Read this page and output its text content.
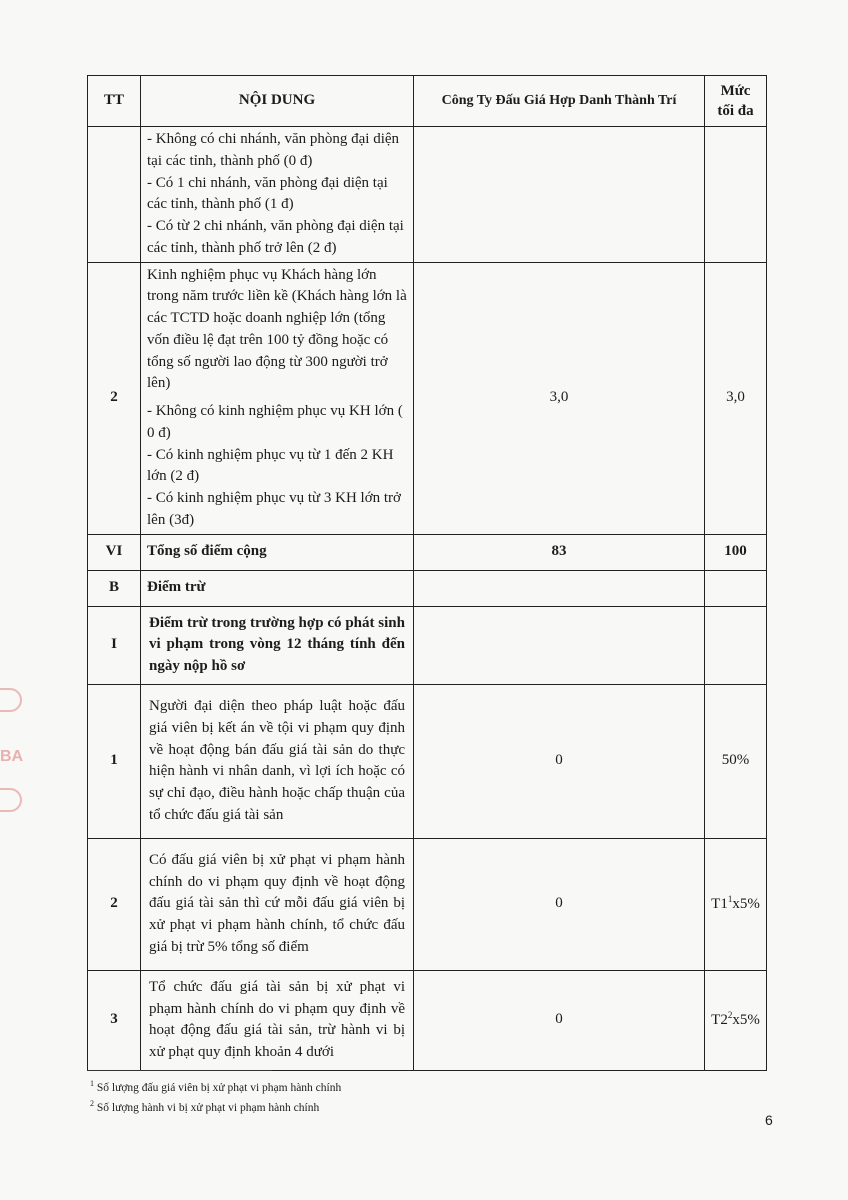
BA
TT	NỘI DUNG	Công Ty Đấu Giá Hợp Danh Thành Trí	Mức tối đa

	- Không có chi nhánh, văn phòng đại diện tại các tỉnh, thành phố (0 đ)

- Có 1 chi nhánh, văn phòng đại diện tại các tỉnh, thành phố (1 đ)

- Có từ 2 chi nhánh, văn phòng đại diện tại các tỉnh, thành phố trở lên (2 đ)		

2	Kinh nghiệm phục vụ Khách hàng lớn trong năm trước liền kề (Khách hàng lớn là các TCTD hoặc doanh nghiệp lớn (tổng vốn điều lệ đạt trên 100 tỷ đồng hoặc có tổng số người lao động từ 300 người trở lên)

- Không có kinh nghiệm phục vụ KH lớn ( 0 đ)

- Có kinh nghiệm phục vụ từ 1 đến 2 KH lớn (2 đ)

- Có kinh nghiệm phục vụ từ 3 KH lớn trở lên (3đ)	3,0	3,0
VI	Tổng số điểm cộng	83	100
B	Điểm trừ		

I	Điểm trừ trong trường hợp có phát sinh vi phạm trong vòng 12 tháng tính đến ngày nộp hồ sơ		

1	Người đại diện theo pháp luật hoặc đấu giá viên bị kết án về tội vi phạm quy định về hoạt động bán đấu giá tài sản do thực hiện hành vi nhân danh, vì lợi ích hoặc có sự chỉ đạo, điều hành hoặc chấp thuận của tổ chức đấu giá tài sản	0	50%
2	Có đấu giá viên bị xử phạt vi phạm hành chính do vi phạm quy định về hoạt động đấu giá tài sản thì cứ mỗi đấu giá viên bị xử phạt vi phạm hành chính, tổ chức đấu giá bị trừ 5% tổng số điểm	0	$T1^1x5\%$
3	Tổ chức đấu giá tài sản bị xử phạt vi phạm hành chính do vi phạm quy định về hoạt động đấu giá tài sản, trừ hành vi bị xử phạt quy định khoản 4 dưới	0	$T2^2x5\%$
$^1$ Số lượng đấu giá viên bị xử phạt vi phạm hành chính
$^2$ Số lượng hành vi bị xử phạt vi phạm hành chính
6
